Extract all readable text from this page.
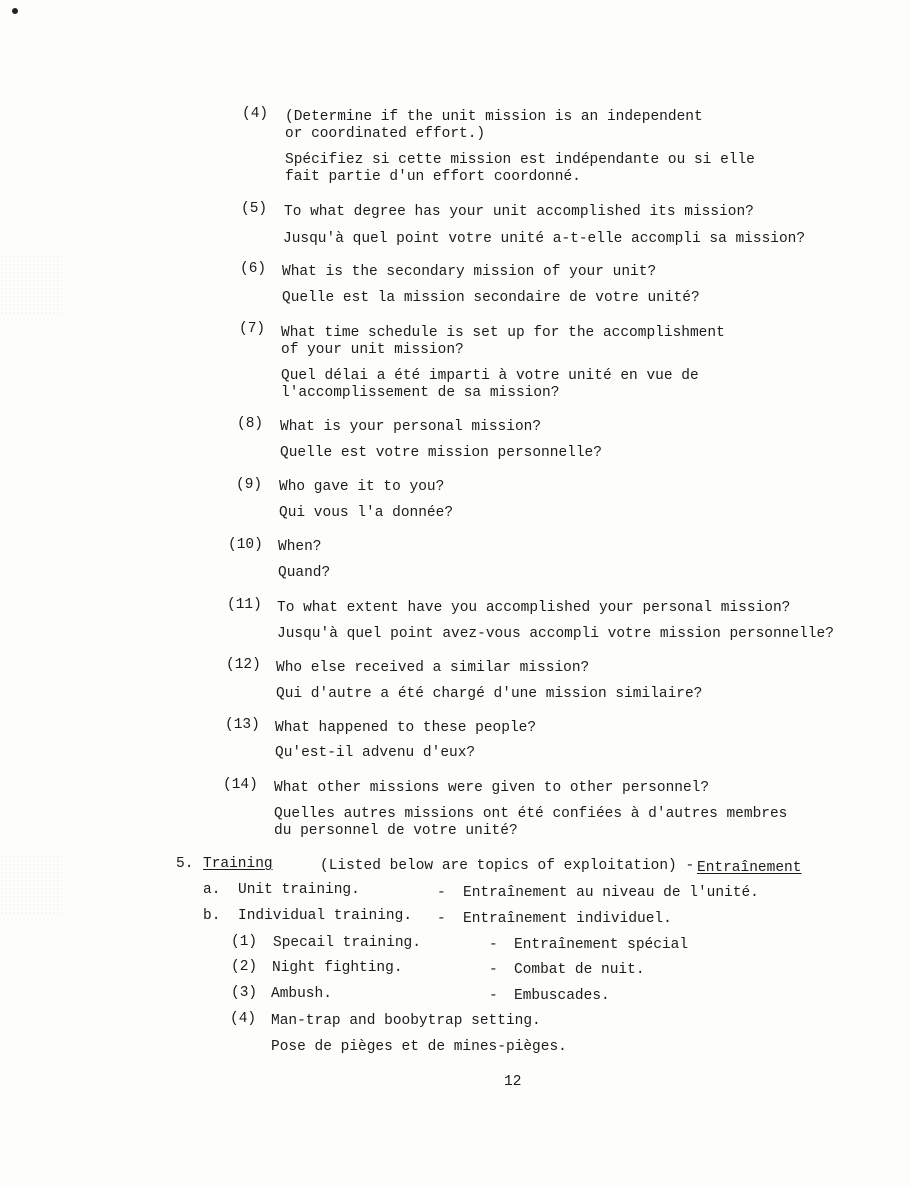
(4) (Determine if the unit mission is an independent
or coordinated effort.)
Spécifiez si cette mission est indépendante ou si elle
fait partie d'un effort coordonné.
(5) To what degree has your unit accomplished its mission?
Jusqu'à quel point votre unité a-t-elle accompli sa mission?
(6) What is the secondary mission of your unit?
Quelle est la mission secondaire de votre unité?
(7) What time schedule is set up for the accomplishment
of your unit mission?
Quel délai a été imparti à votre unité en vue de
l'accomplissement de sa mission?
(8) What is your personal mission?
Quelle est votre mission personnelle?
(9) Who gave it to you?
Qui vous l'a donnée?
(10) When?
Quand?
(11) To what extent have you accomplished your personal mission?
Jusqu'à quel point avez-vous accompli votre mission personnelle?
(12) Who else received a similar mission?
Qui d'autre a été chargé d'une mission similaire?
(13) What happened to these people?
Qu'est-il advenu d'eux?
(14) What other missions were given to other personnel?
Quelles autres missions ont été confiées à d'autres membres
du personnel de votre unité?
5. Training	(Listed below are topics of exploitation) - Entraînement
a. Unit training.	- Entraînement au niveau de l'unité.
b. Individual training. - Entraînement individuel.
(1) Specail training.	- Entraînement spécial
(2) Night fighting.	- Combat de nuit.
(3) Ambush.	- Embuscades.
(4) Man-trap and boobytrap setting.
Pose de pièges et de mines-pièges.
12
